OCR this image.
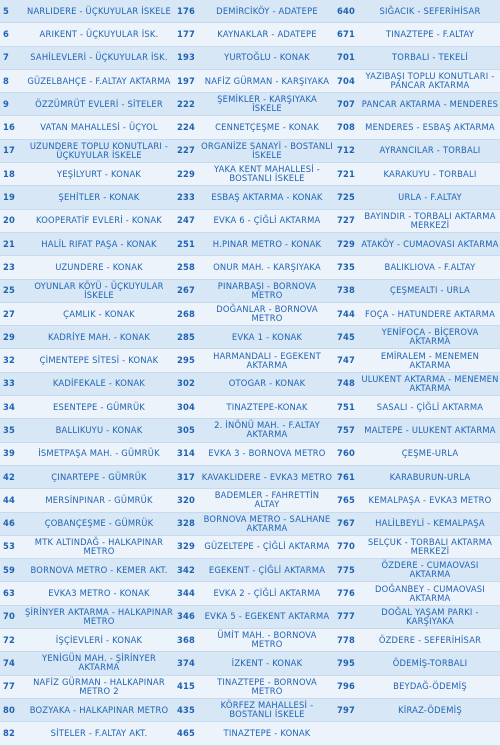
5	NARLIDERE - ÜÇKUYULAR İSKELE	176	DEMİRCİKÖY - ADATEPE	640	SIĞACIK - SEFERİHİSAR
6	ARIKENT - ÜÇKUYULAR İSK.	177	KAYNAKLAR - ADATEPE	671	TINAZTEPE - F.ALTAY
7	SAHİLEVLERİ - ÜÇKUYULAR İSK.	193	YURTOĞLU - KONAK	701	TORBALI - TEKELİ
8	GÜZELBAHÇE - F.ALTAY AKTARMA	197	NAFİZ GÜRMAN - KARŞIYAKA	704	YAZIBAŞI TOPLU KONUTLARI - PANCAR AKTARMA
9	ÖZZÜMRÜT EVLERİ - SİTELER	222	ŞEMİKLER - KARŞIYAKA İSKELE	707	PANCAR AKTARMA - MENDERES
16	VATAN MAHALLESİ - ÜÇYOL	224	CENNETÇEŞME - KONAK	708	MENDERES - ESBAŞ AKTARMA
17	UZUNDERE TOPLU KONUTLARI - ÜÇKUYULAR İSKELE	227	ORGANİZE SANAYİ - BOSTANLI İSKELE	712	AYRANCILAR - TORBALI
18	YEŞİLYURT - KONAK	229	YAKA KENT MAHALLESİ - BOSTANLI İSKELE	721	KARAKUYU - TORBALI
19	ŞEHİTLER - KONAK	233	ESBAŞ AKTARMA - KONAK	725	URLA - F.ALTAY
20	KOOPERATİF EVLERİ - KONAK	247	EVKA 6 - ÇİĞLİ AKTARMA	727	BAYINDIR - TORBALI AKTARMA MERKEZİ
21	HALİL RIFAT PAŞA - KONAK	251	H.PINAR METRO - KONAK	729	ATAKÖY - CUMAOVASI AKTARMA
23	UZUNDERE - KONAK	258	ONUR MAH. - KARŞIYAKA	735	BALIKLIOVA - F.ALTAY
25	OYUNLAR KÖYÜ - ÜÇKUYULAR İSKELE	267	PINARBAŞI - BORNOVA METRO	738	ÇEŞMEALTI - URLA
27	ÇAMLIK - KONAK	268	DOĞANLAR - BORNOVA METRO	744	FOÇA - HATUNDERE AKTARMA
29	KADRİYE MAH. - KONAK	285	EVKA 1 - KONAK	745	YENİFOÇA - BİÇEROVA AKTARMA
32	ÇİMENTEPE SİTESİ - KONAK	295	HARMANDALI - EGEKENT AKTARMA	747	EMİRALEM - MENEMEN AKTARMA
33	KADİFEKALE - KONAK	302	OTOGAR - KONAK	748	ULUKENT AKTARMA - MENEMEN AKTARMA
34	ESENTEPE - GÜMRÜK	304	TINAZTEPE-KONAK	751	SASALI - ÇİĞLİ AKTARMA
35	BALLIKUYU - KONAK	305	2. İNÖNÜ MAH. - F.ALTAY AKTARMA	757	MALTEPE - ULUKENT AKTARMA
39	İSMETPAŞA MAH. - GÜMRÜK	314	EVKA 3 - BORNOVA METRO	760	ÇEŞME-URLA
42	ÇINARTEPE - GÜMRÜK	317	KAVAKLIDERE - EVKA3 METRO	761	KARABURUN-URLA
44	MERSİNPINAR - GÜMRÜK	320	BADEMLER - FAHRETTİN ALTAY	765	KEMALPAŞA - EVKA3 METRO
46	ÇOBANÇEŞME - GÜMRÜK	328	BORNOVA METRO - SALHANE AKTARMA	767	HALİLBEYLİ - KEMALPAŞA
53	MTK ALTINDAĞ - HALKAPINAR METRO	329	GÜZELTEPE - ÇİĞLİ AKTARMA	770	SELÇUK - TORBALI AKTARMA MERKEZİ
59	BORNOVA METRO - KEMER AKT.	342	EGEKENT - ÇİĞLİ AKTARMA	775	ÖZDERE - CUMAOVASI AKTARMA
63	EVKA3 METRO - KONAK	344	EVKA 2 - ÇİĞLİ AKTARMA	776	DOĞANBEY - CUMAOVASI AKTARMA
70	ŞİRİNYER AKTARMA - HALKAPINAR METRO	346	EVKA 5 - EGEKENT AKTARMA	777	DOĞAL YAŞAM PARKI - KARŞIYAKA
72	İŞÇİEVLERİ - KONAK	368	ÜMİT MAH. - BORNOVA METRO	778	ÖZDERE - SEFERİHİSAR
74	YENİGÜN MAH. - ŞİRİNYER AKTARMA	374	İZKENT - KONAK	795	ÖDEMİŞ-TORBALI
77	NAFİZ GÜRMAN - HALKAPINAR METRO 2	415	TINAZTEPE - BORNOVA METRO	796	BEYDAĞ-ÖDEMİŞ
80	BOZYAKA - HALKAPINAR METRO	435	KÖRFEZ MAHALLESİ - BOSTANLI İSKELE	797	KİRAZ-ÖDEMİŞ
82	SİTELER - F.ALTAY AKT.	465	TINAZTEPE - KONAK		
